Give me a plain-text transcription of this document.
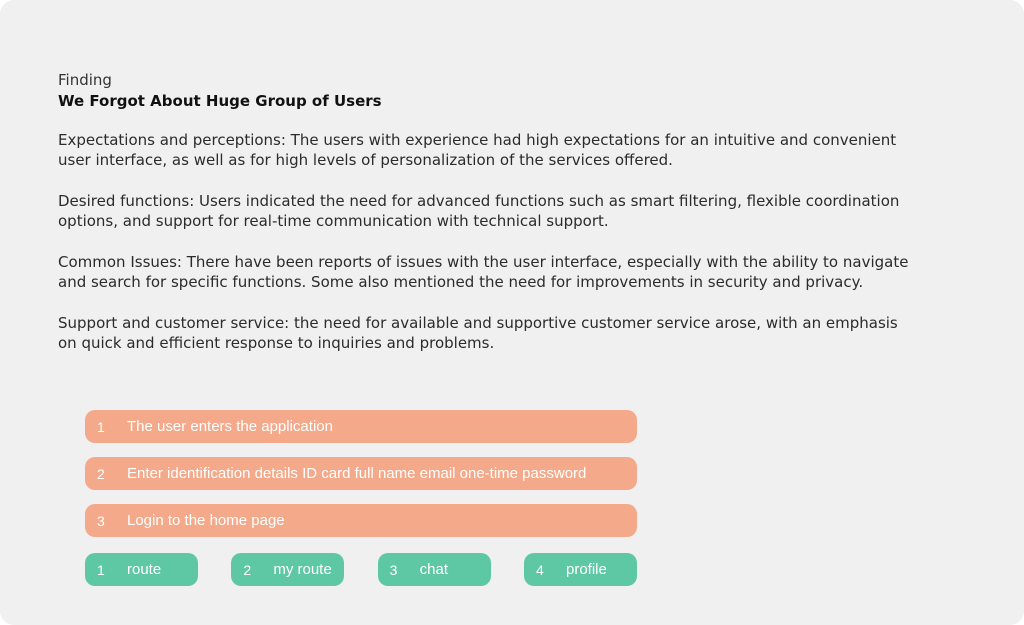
Finding
We Forgot About Huge Group of Users

Expectations and perceptions: The users with experience had high expectations for an intuitive and convenient user interface, as well as for high levels of personalization of the services offered.

Desired functions: Users indicated the need for advanced functions such as smart filtering, flexible coordination options, and support for real-time communication with technical support.

Common Issues: There have been reports of issues with the user interface, especially with the ability to navigate and search for specific functions. Some also mentioned the need for improvements in security and privacy.

Support and customer service: the need for available and supportive customer service arose, with an emphasis on quick and efficient response to inquiries and problems.

1	The user enters the application
2	Enter identification details ID card full name email one-time password
3	Login to the home page
1	route	2	my route	3	chat	4	profile
